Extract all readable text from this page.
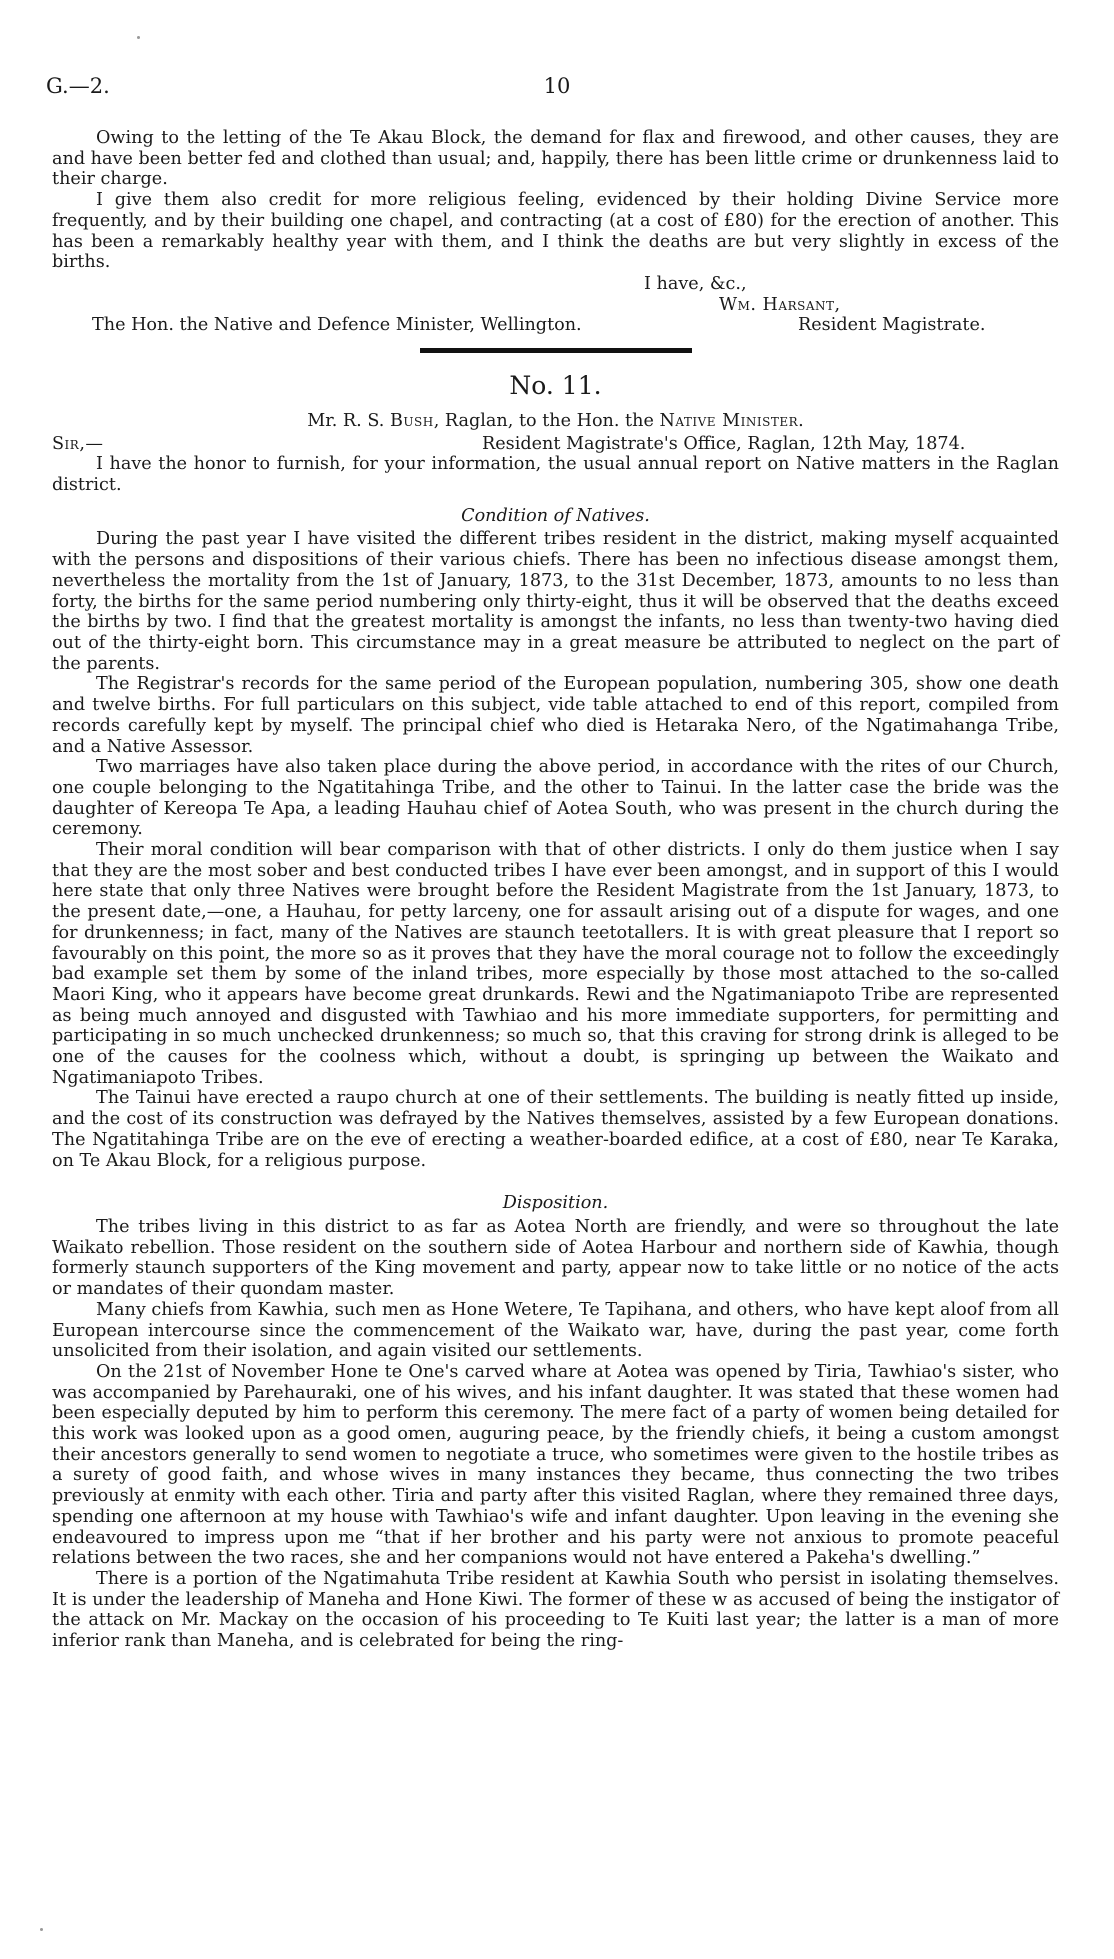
G.—2.	10

Owing to the letting of the Te Akau Block, the demand for flax and firewood, and other causes, they are and have been better fed and clothed than usual; and, happily, there has been little crime or drunkenness laid to their charge.

I give them also credit for more religious feeling, evidenced by their holding Divine Service more frequently, and by their building one chapel, and contracting (at a cost of £80) for the erection of another. This has been a remarkably healthy year with them, and I think the deaths are but very slightly in excess of the births.

I have, &c.,
Wm. Harsant,
The Hon. the Native and Defence Minister, Wellington.	Resident Magistrate.
No. 11.
Mr. R. S. Bush, Raglan, to the Hon. the Native Minister.
Sir,—	Resident Magistrate's Office, Raglan, 12th May, 1874.

I have the honor to furnish, for your information, the usual annual report on Native matters in the Raglan district.

Condition of Natives.

During the past year I have visited the different tribes resident in the district, making myself acquainted with the persons and dispositions of their various chiefs. There has been no infectious disease amongst them, nevertheless the mortality from the 1st of January, 1873, to the 31st December, 1873, amounts to no less than forty, the births for the same period numbering only thirty-eight, thus it will be observed that the deaths exceed the births by two. I find that the greatest mortality is amongst the infants, no less than twenty-two having died out of the thirty-eight born. This circumstance may in a great measure be attributed to neglect on the part of the parents.

The Registrar's records for the same period of the European population, numbering 305, show one death and twelve births. For full particulars on this subject, vide table attached to end of this report, compiled from records carefully kept by myself. The principal chief who died is Hetaraka Nero, of the Ngatimahanga Tribe, and a Native Assessor.

Two marriages have also taken place during the above period, in accordance with the rites of our Church, one couple belonging to the Ngatitahinga Tribe, and the other to Tainui. In the latter case the bride was the daughter of Kereopa Te Apa, a leading Hauhau chief of Aotea South, who was present in the church during the ceremony.

Their moral condition will bear comparison with that of other districts. I only do them justice when I say that they are the most sober and best conducted tribes I have ever been amongst, and in support of this I would here state that only three Natives were brought before the Resident Magistrate from the 1st January, 1873, to the present date,—one, a Hauhau, for petty larceny, one for assault arising out of a dispute for wages, and one for drunkenness; in fact, many of the Natives are staunch teetotallers. It is with great pleasure that I report so favourably on this point, the more so as it proves that they have the moral courage not to follow the exceedingly bad example set them by some of the inland tribes, more especially by those most attached to the so-called Maori King, who it appears have become great drunkards. Rewi and the Ngatimaniapoto Tribe are represented as being much annoyed and disgusted with Tawhiao and his more immediate supporters, for permitting and participating in so much unchecked drunkenness; so much so, that this craving for strong drink is alleged to be one of the causes for the coolness which, without a doubt, is springing up between the Waikato and Ngatimaniapoto Tribes.

The Tainui have erected a raupo church at one of their settlements. The building is neatly fitted up inside, and the cost of its construction was defrayed by the Natives themselves, assisted by a few European donations. The Ngatitahinga Tribe are on the eve of erecting a weather-boarded edifice, at a cost of £80, near Te Karaka, on Te Akau Block, for a religious purpose.

Disposition.

The tribes living in this district to as far as Aotea North are friendly, and were so throughout the late Waikato rebellion. Those resident on the southern side of Aotea Harbour and northern side of Kawhia, though formerly staunch supporters of the King movement and party, appear now to take little or no notice of the acts or mandates of their quondam master.

Many chiefs from Kawhia, such men as Hone Wetere, Te Tapihana, and others, who have kept aloof from all European intercourse since the commencement of the Waikato war, have, during the past year, come forth unsolicited from their isolation, and again visited our settlements.

On the 21st of November Hone te One's carved whare at Aotea was opened by Tiria, Tawhiao's sister, who was accompanied by Parehauraki, one of his wives, and his infant daughter. It was stated that these women had been especially deputed by him to perform this ceremony. The mere fact of a party of women being detailed for this work was looked upon as a good omen, auguring peace, by the friendly chiefs, it being a custom amongst their ancestors generally to send women to negotiate a truce, who sometimes were given to the hostile tribes as a surety of good faith, and whose wives in many instances they became, thus connecting the two tribes previously at enmity with each other. Tiria and party after this visited Raglan, where they remained three days, spending one afternoon at my house with Tawhiao's wife and infant daughter. Upon leaving in the evening she endeavoured to impress upon me “that if her brother and his party were not anxious to promote peaceful relations between the two races, she and her companions would not have entered a Pakeha's dwelling.”

There is a portion of the Ngatimahuta Tribe resident at Kawhia South who persist in isolating themselves. It is under the leadership of Maneha and Hone Kiwi. The former of these w as accused of being the instigator of the attack on Mr. Mackay on the occasion of his proceeding to Te Kuiti last year; the latter is a man of more inferior rank than Maneha, and is celebrated for being the ring-
